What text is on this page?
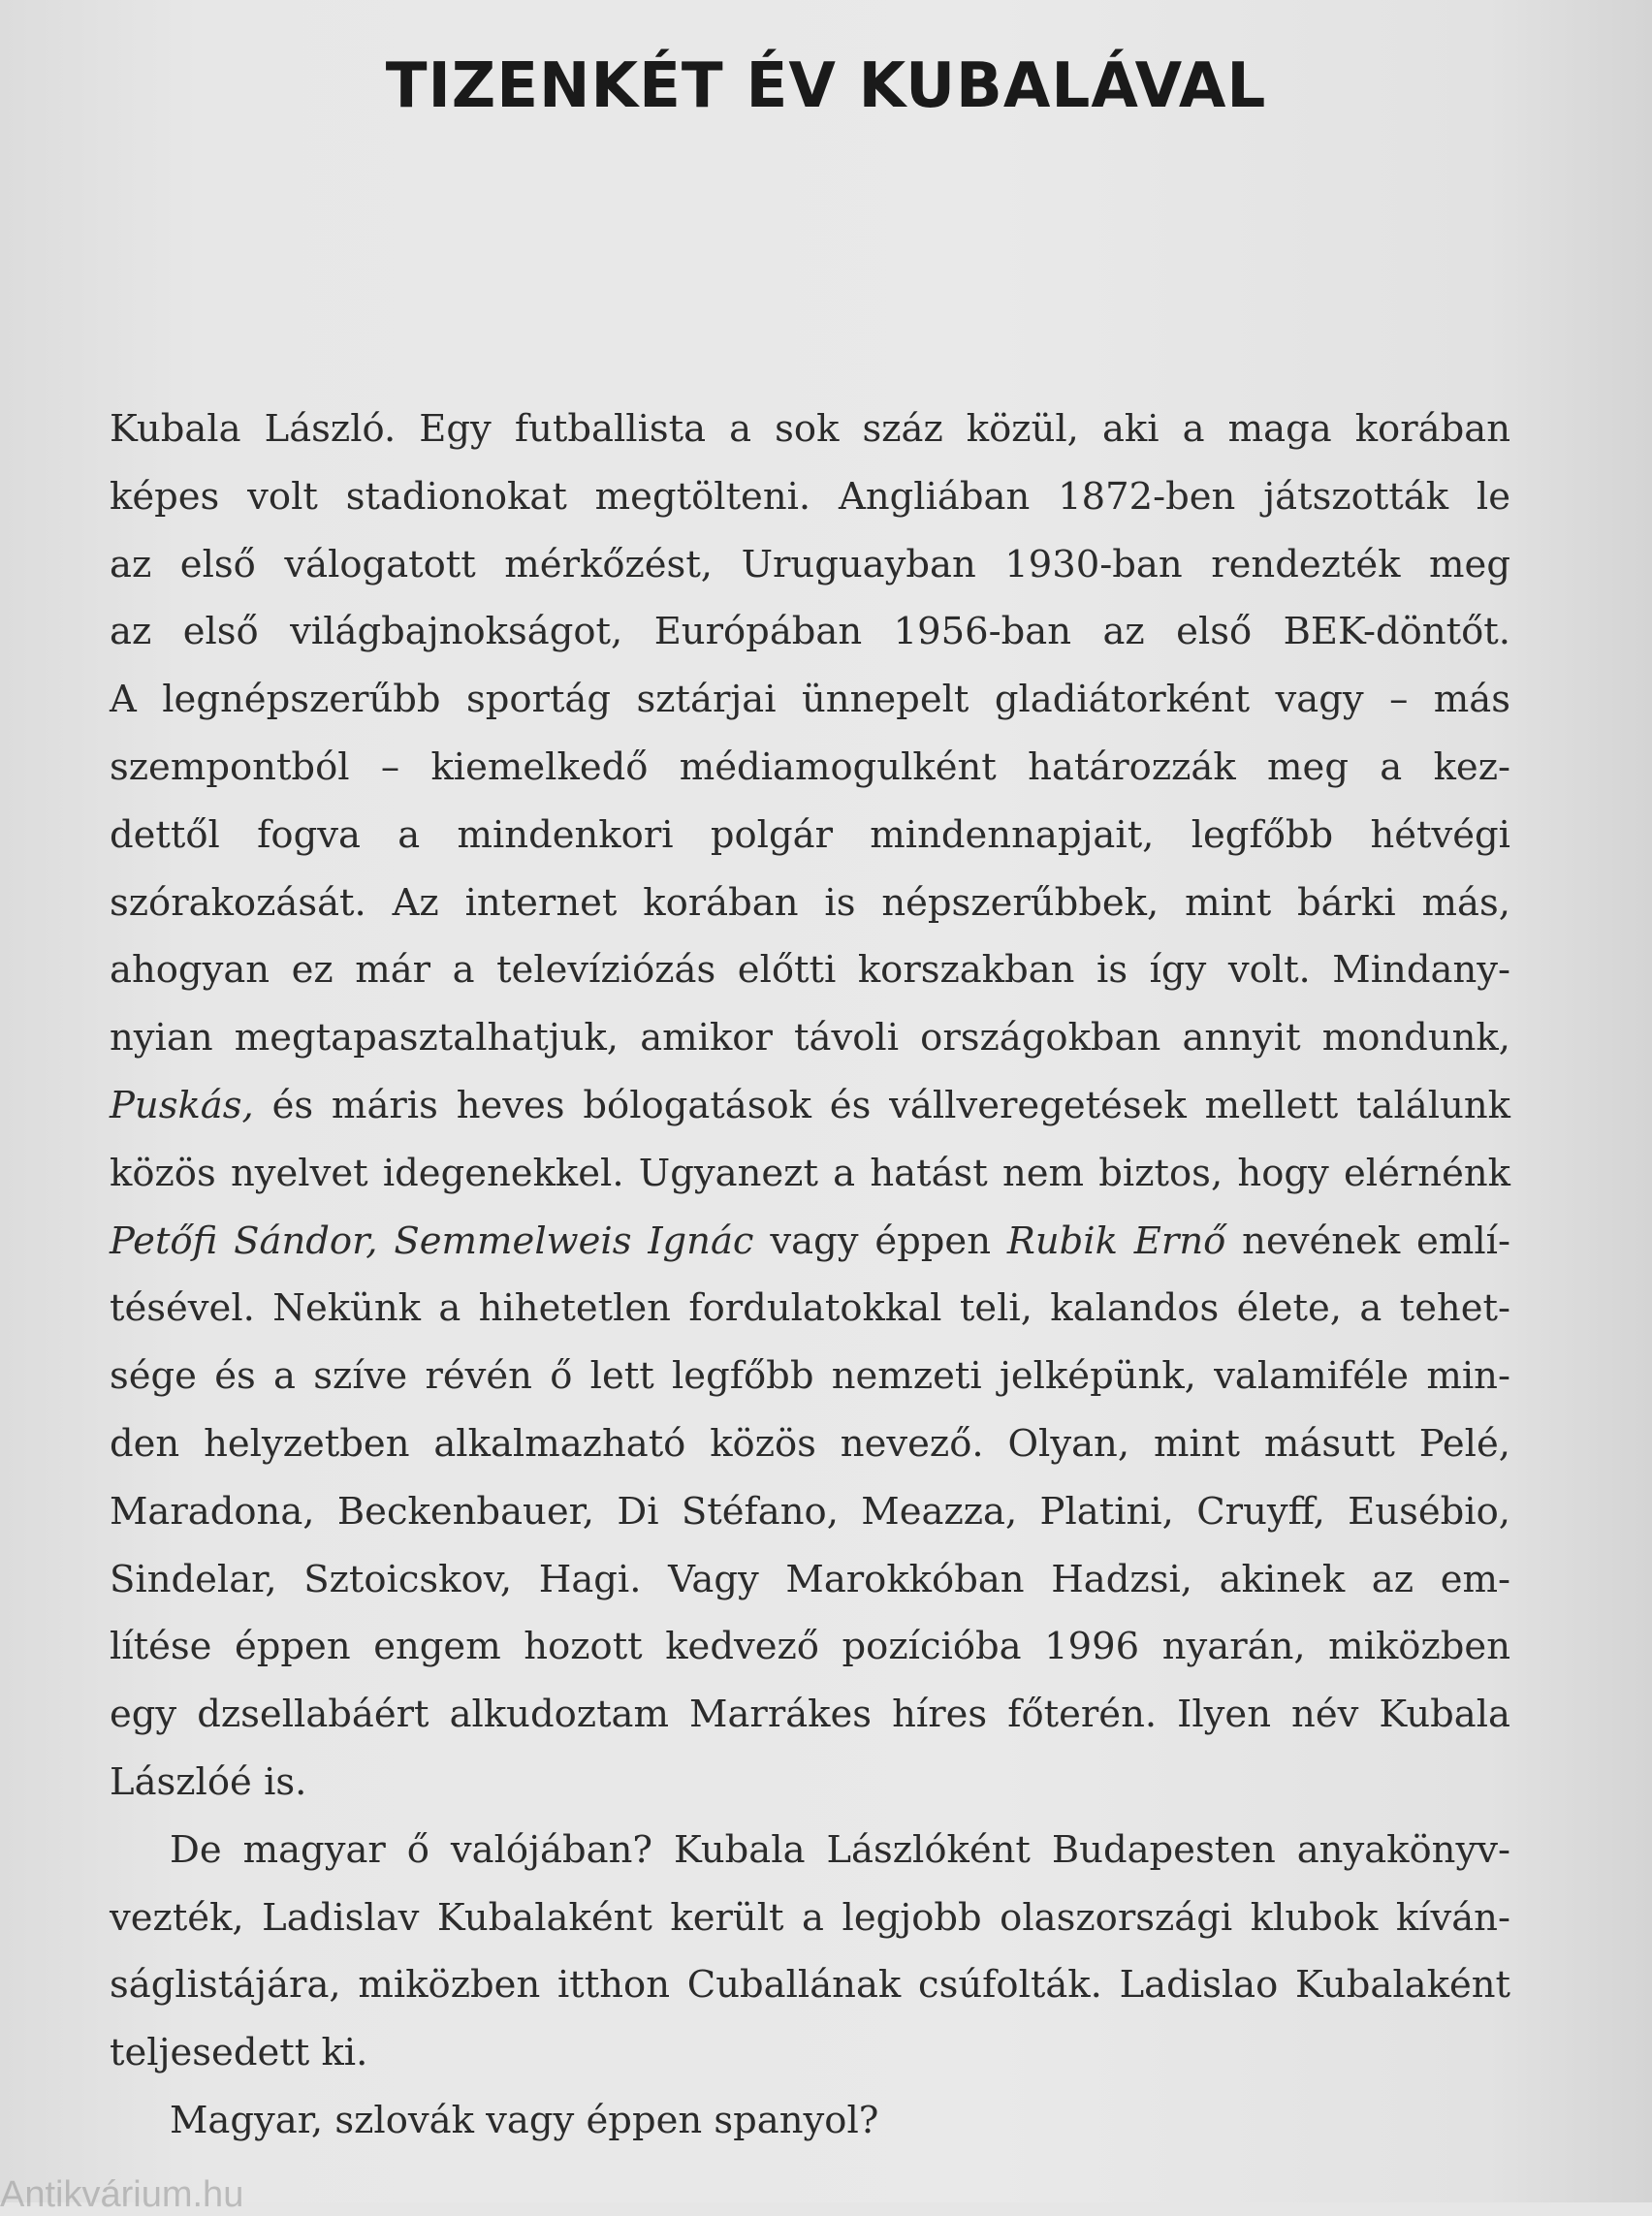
TIZENKÉT ÉV KUBALÁVAL
Kubala László. Egy futballista a sok száz közül, aki a maga korában
képes volt stadionokat megtölteni. Angliában 1872-ben játszották le
az első válogatott mérkőzést, Uruguayban 1930-ban rendezték meg
az első világbajnokságot, Európában 1956-ban az első BEK-döntőt.
A legnépszerűbb sportág sztárjai ünnepelt gladiátorként vagy – más
szempontból – kiemelkedő médiamogulként határozzák meg a kez-
dettől fogva a mindenkori polgár mindennapjait, legfőbb hétvégi
szórakozását. Az internet korában is népszerűbbek, mint bárki más,
ahogyan ez már a televíziózás előtti korszakban is így volt. Mindany-
nyian megtapasztalhatjuk, amikor távoli országokban annyit mondunk,
Puskás, és máris heves bólogatások és vállveregetések mellett találunk
közös nyelvet idegenekkel. Ugyanezt a hatást nem biztos, hogy elérnénk
Petőfi Sándor, Semmelweis Ignác vagy éppen Rubik Ernő nevének emlí-
tésével. Nekünk a hihetetlen fordulatokkal teli, kalandos élete, a tehet-
sége és a szíve révén ő lett legfőbb nemzeti jelképünk, valamiféle min-
den helyzetben alkalmazható közös nevező. Olyan, mint másutt Pelé,
Maradona, Beckenbauer, Di Stéfano, Meazza, Platini, Cruyff, Eusébio,
Sindelar, Sztoicskov, Hagi. Vagy Marokkóban Hadzsi, akinek az em-
lítése éppen engem hozott kedvező pozícióba 1996 nyarán, miközben
egy dzsellabáért alkudoztam Marrákes híres főterén. Ilyen név Kubala
Lászlóé is.
De magyar ő valójában? Kubala Lászlóként Budapesten anyakönyv-
vezték, Ladislav Kubalaként került a legjobb olaszországi klubok kíván-
ságlistájára, miközben itthon Cuballának csúfolták. Ladislao Kubalaként
teljesedett ki.
Magyar, szlovák vagy éppen spanyol?
Antikvárium.hu
